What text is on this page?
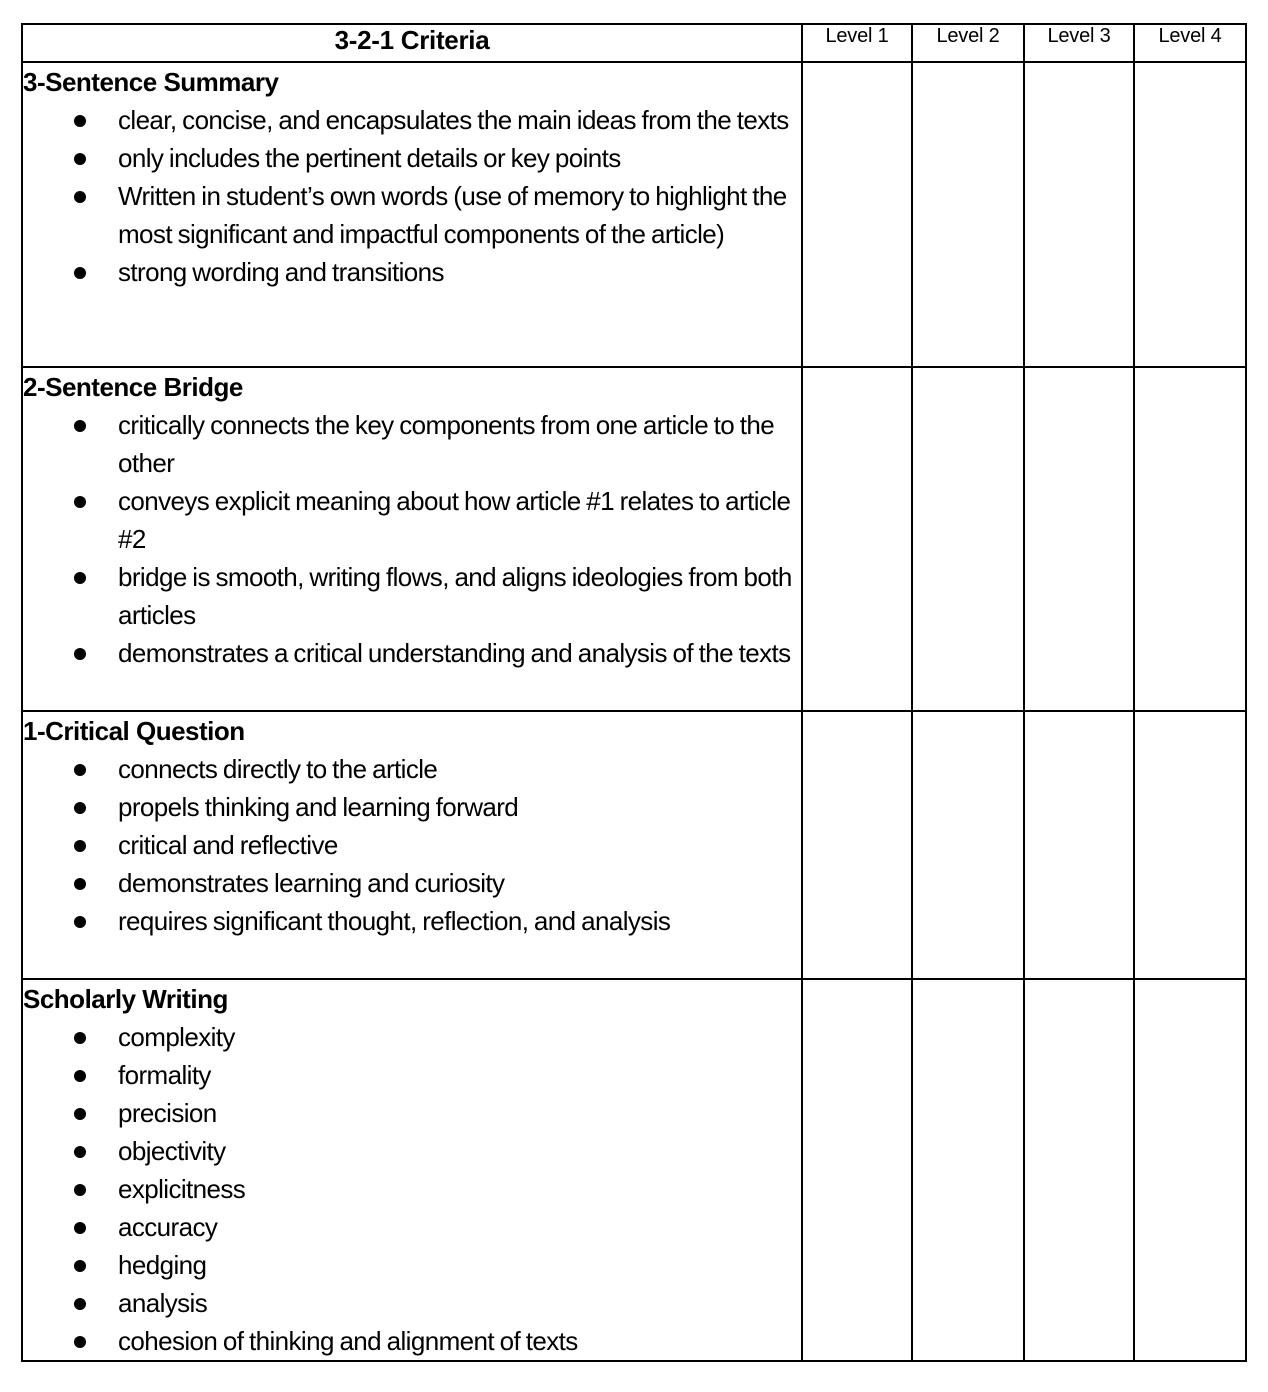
3-2-1 Criteria	Level 1	Level 2	Level 3	Level 4

3-Sentence Summary
clear, concise, and encapsulates the main ideas from the texts
only includes the pertinent details or key points
Written in student’s own words (use of memory to highlight the most significant and impactful components of the article)
strong wording and transitions

2-Sentence Bridge
critically connects the key components from one article to the other
conveys explicit meaning about how article #1 relates to article #2
bridge is smooth, writing flows, and aligns ideologies from both articles
demonstrates a critical understanding and analysis of the texts

1-Critical Question
connects directly to the article
propels thinking and learning forward
critical and reflective
demonstrates learning and curiosity
requires significant thought, reflection, and analysis

Scholarly Writing
complexity
formality
precision
objectivity
explicitness
accuracy
hedging
analysis
cohesion of thinking and alignment of texts
